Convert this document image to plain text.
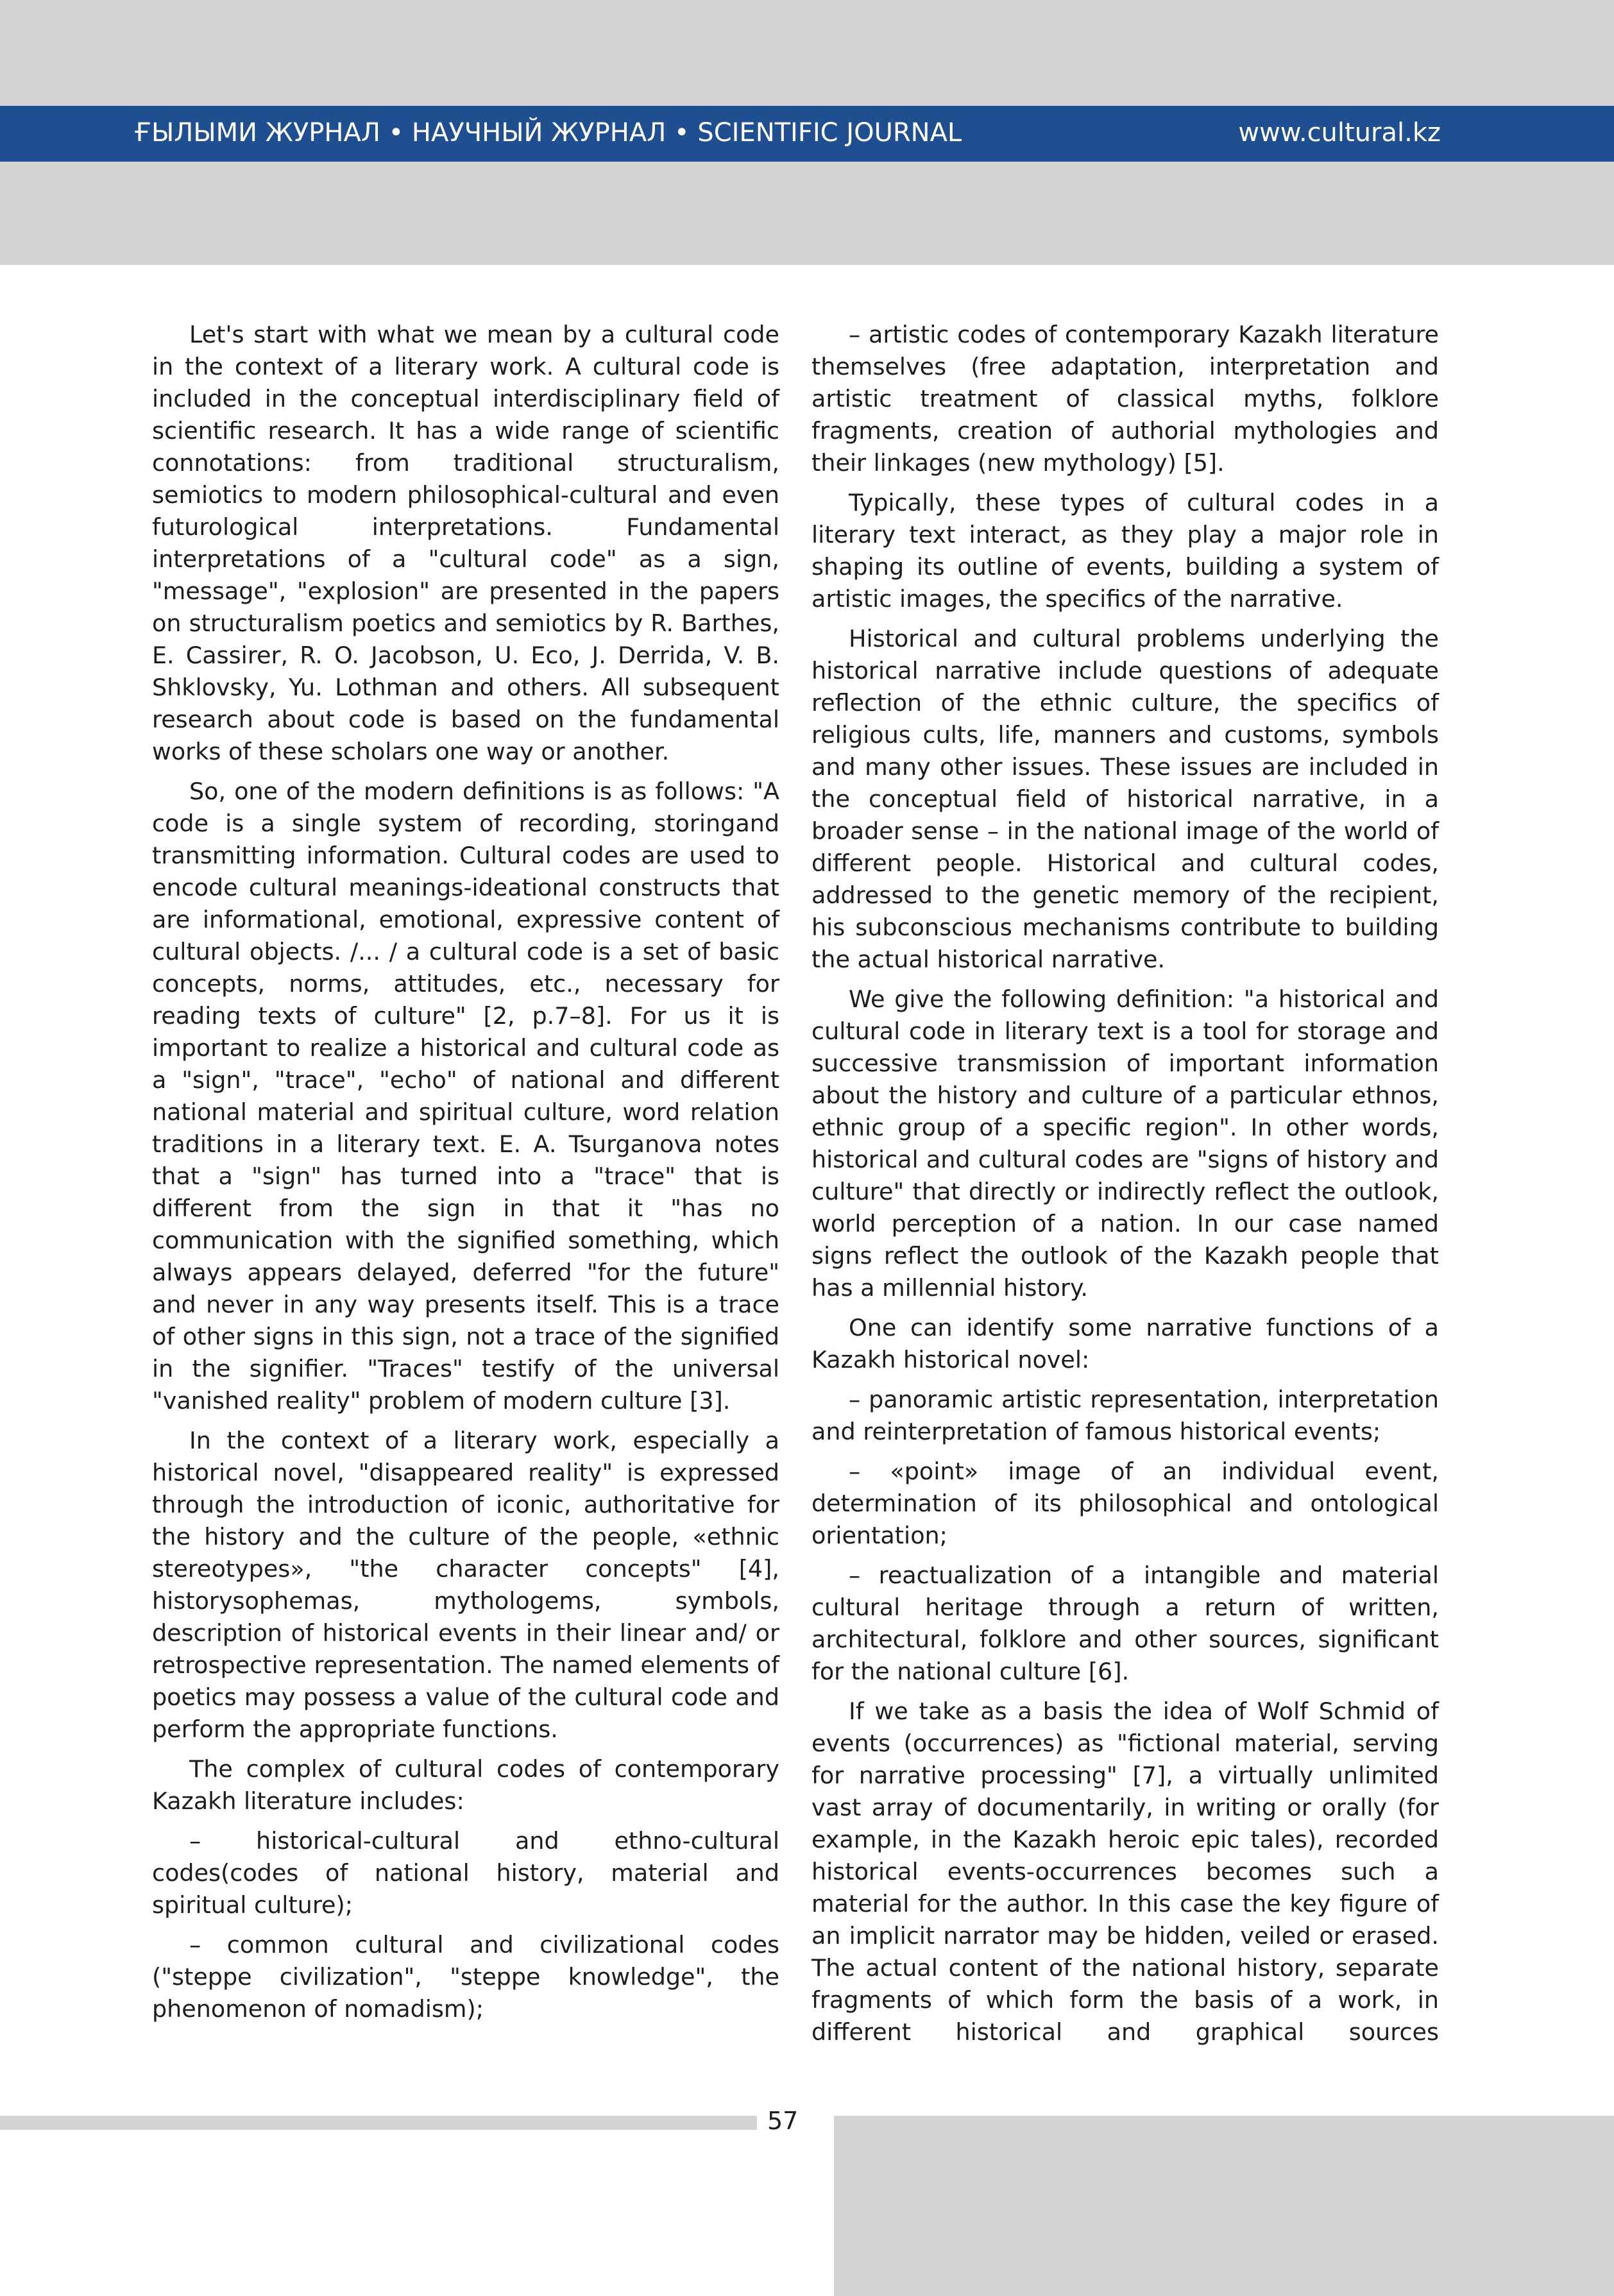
ҒЫЛЫМИ ЖУРНАЛ • НАУЧНЫЙ ЖУРНАЛ • SCIENTIFIC JOURNAL	www.cultural.kz

Let's start with what we mean by a cultural code in the context of a literary work. A cultural code is included in the conceptual interdisciplinary field of scientific research. It has a wide range of scientific connotations: from traditional structuralism, semiotics to modern philosophical-cultural and even futurological interpretations. Fundamental interpretations of a "cultural code" as a sign, "message", "explosion" are presented in the papers on structuralism poetics and semiotics by R. Barthes, E. Cassirer, R. O. Jacobson, U. Eco, J. Derrida, V. B. Shklovsky, Yu. Lothman and others. All subsequent research about code is based on the fundamental works of these scholars one way or another.

So, one of the modern definitions is as follows: "A code is a single system of recording, storingand transmitting information. Cultural codes are used to encode cultural meanings-ideational constructs that are informational, emotional, expressive content of cultural objects. /... / a cultural code is a set of basic concepts, norms, attitudes, etc., necessary for reading texts of culture" [2, p.7–8]. For us it is important to realize a historical and cultural code as a "sign", "trace", "echo" of national and different national material and spiritual culture, word relation traditions in a literary text. E. A. Tsurganova notes that a "sign" has turned into a "trace" that is different from the sign in that it "has no communication with the signified something, which always appears delayed, deferred "for the future" and never in any way presents itself. This is a trace of other signs in this sign, not a trace of the signified in the signifier. "Traces" testify of the universal "vanished reality" problem of modern culture [3].

In the context of a literary work, especially a historical novel, "disappeared reality" is expressed through the introduction of iconic, authoritative for the history and the culture of the people, «ethnic stereotypes», "the character concepts" [4], historysophemas, mythologems, symbols, description of historical events in their linear and/ or retrospective representation. The named elements of poetics may possess a value of the cultural code and perform the appropriate functions.

The complex of cultural codes of contemporary Kazakh literature includes:

– historical-cultural and ethno-cultural codes(codes of national history, material and spiritual culture);

– common cultural and civilizational codes ("steppe civilization", "steppe knowledge", the phenomenon of nomadism);

– artistic codes of contemporary Kazakh literature themselves (free adaptation, interpretation and artistic treatment of classical myths, folklore fragments, creation of authorial mythologies and their linkages (new mythology) [5].

Typically, these types of cultural codes in a literary text interact, as they play a major role in shaping its outline of events, building a system of artistic images, the specifics of the narrative.

Historical and cultural problems underlying the historical narrative include questions of adequate reflection of the ethnic culture, the specifics of religious cults, life, manners and customs, symbols and many other issues. These issues are included in the conceptual field of historical narrative, in a broader sense – in the national image of the world of different people. Historical and cultural codes, addressed to the genetic memory of the recipient, his subconscious mechanisms contribute to building the actual historical narrative.

We give the following definition: "a historical and cultural code in literary text is a tool for storage and successive transmission of important information about the history and culture of a particular ethnos, ethnic group of a specific region". In other words, historical and cultural codes are "signs of history and culture" that directly or indirectly reflect the outlook, world perception of a nation. In our case named signs reflect the outlook of the Kazakh people that has a millennial history.

One can identify some narrative functions of a Kazakh historical novel:

– panoramic artistic representation, interpretation and reinterpretation of famous historical events;

– «point» image of an individual event, determination of its philosophical and ontological orientation;

– reactualization of a intangible and material cultural heritage through a return of written, architectural, folklore and other sources, significant for the national culture [6].

If we take as a basis the idea of Wolf Schmid of events (occurrences) as "fictional material, serving for narrative processing" [7], a virtually unlimited vast array of documentarily, in writing or orally (for example, in the Kazakh heroic epic tales), recorded historical events-occurrences becomes such a material for the author. In this case the key figure of an implicit narrator may be hidden, veiled or erased. The actual content of the national history, separate fragments of which form the basis of a work, in different historical and graphical sources

57
